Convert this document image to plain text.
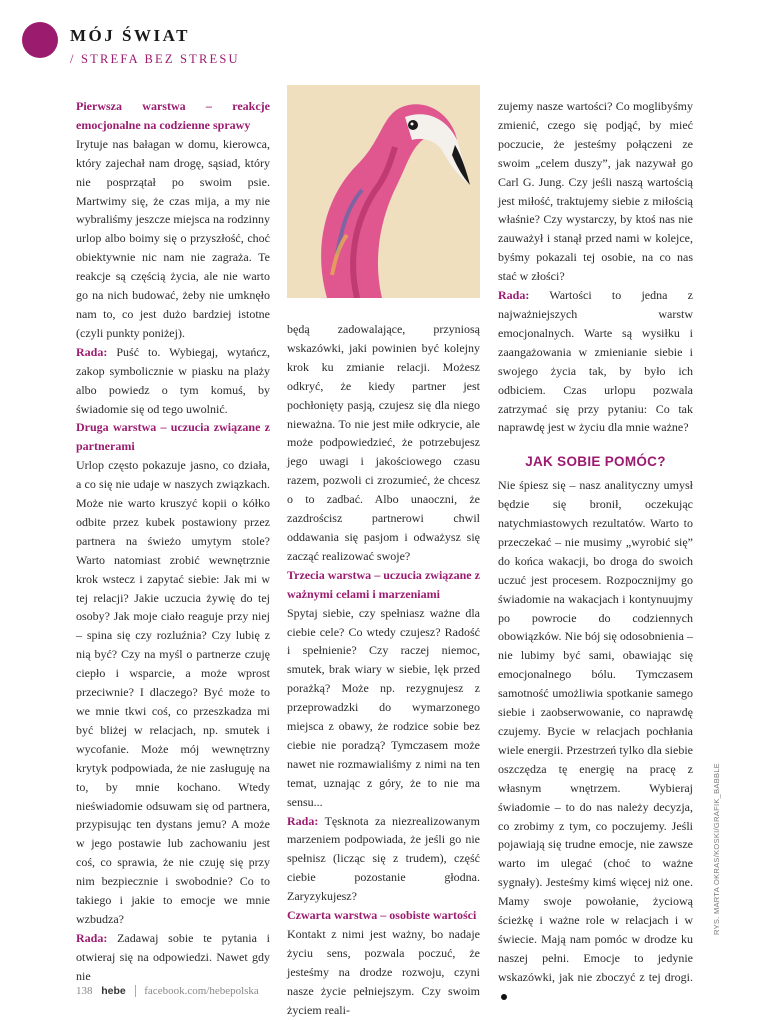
MÓJ ŚWIAT
/ STREFA BEZ STRESU

Pierwsza warstwa – reakcje emocjonalne na codzienne sprawy

Irytuje nas bałagan w domu, kierowca, który zajechał nam drogę, sąsiad, który nie posprzątał po swoim psie. Martwimy się, że czas mija, a my nie wybraliśmy jeszcze miejsca na rodzinny urlop albo boimy się o przyszłość, choć obiektywnie nic nam nie zagraża. Te reakcje są częścią życia, ale nie warto go na nich budować, żeby nie umknęło nam to, co jest dużo bardziej istotne (czyli punkty poniżej).

Rada: Puść to. Wybiegaj, wytańcz, zakop symbolicznie w piasku na plaży albo powiedz o tym komuś, by świadomie się od tego uwolnić.

Druga warstwa – uczucia związane z partnerami

Urlop często pokazuje jasno, co działa, a co się nie udaje w naszych związkach. Może nie warto kruszyć kopii o kółko odbite przez kubek postawiony przez partnera na świeżo umytym stole? Warto natomiast zrobić wewnętrznie krok wstecz i zapytać siebie: Jak mi w tej relacji? Jakie uczucia żywię do tej osoby? Jak moje ciało reaguje przy niej – spina się czy rozluźnia? Czy lubię z nią być? Czy na myśl o partnerze czuję ciepło i wsparcie, a może wprost przeciwnie? I dlaczego? Być może to we mnie tkwi coś, co przeszkadza mi być bliżej w relacjach, np. smutek i wycofanie. Może mój wewnętrzny krytyk podpowiada, że nie zasługuję na to, by mnie kochano. Wtedy nieświadomie odsuwam się od partnera, przypisując ten dystans jemu? A może w jego postawie lub zachowaniu jest coś, co sprawia, że nie czuję się przy nim bezpiecznie i swobodnie? Co to takiego i jakie to emocje we mnie wzbudza?

Rada: Zadawaj sobie te pytania i otwieraj się na odpowiedzi. Nawet gdy nie

będą zadowalające, przyniosą wskazówki, jaki powinien być kolejny krok ku zmianie relacji. Możesz odkryć, że kiedy partner jest pochłonięty pasją, czujesz się dla niego nieważna. To nie jest miłe odkrycie, ale może podpowiedzieć, że potrzebujesz jego uwagi i jakościowego czasu razem, pozwoli ci zrozumieć, że chcesz o to zadbać. Albo unaoczni, że zazdrościsz partnerowi chwil oddawania się pasjom i odważysz się zacząć realizować swoje?

Trzecia warstwa – uczucia związane z ważnymi celami i marzeniami

Spytaj siebie, czy spełniasz ważne dla ciebie cele? Co wtedy czujesz? Radość i spełnienie? Czy raczej niemoc, smutek, brak wiary w siebie, lęk przed porażką? Może np. rezygnujesz z przeprowadzki do wymarzonego miejsca z obawy, że rodzice sobie bez ciebie nie poradzą? Tymczasem może nawet nie rozmawialiśmy z nimi na ten temat, uznając z góry, że to nie ma sensu...

Rada: Tęsknota za niezrealizowanym marzeniem podpowiada, że jeśli go nie spełnisz (licząc się z trudem), część ciebie pozostanie głodna. Zaryzykujesz?

Czwarta warstwa – osobiste wartości

Kontakt z nimi jest ważny, bo nadaje życiu sens, pozwala poczuć, że jesteśmy na drodze rozwoju, czyni nasze życie pełniejszym. Czy swoim życiem reali-

zujemy nasze wartości? Co moglibyśmy zmienić, czego się podjąć, by mieć poczucie, że jesteśmy połączeni ze swoim „celem duszy”, jak nazywał go Carl G. Jung. Czy jeśli naszą wartością jest miłość, traktujemy siebie z miłością właśnie? Czy wystarczy, by ktoś nas nie zauważył i stanął przed nami w kolejce, byśmy pokazali tej osobie, na co nas stać w złości?

Rada: Wartości to jedna z najważniejszych warstw emocjonalnych. Warte są wysiłku i zaangażowania w zmienianie siebie i swojego życia tak, by było ich odbiciem. Czas urlopu pozwala zatrzymać się przy pytaniu: Co tak naprawdę jest w życiu dla mnie ważne?

JAK SOBIE POMÓC?

Nie śpiesz się – nasz analityczny umysł będzie się bronił, oczekując natychmiastowych rezultatów. Warto to przeczekać – nie musimy „wyrobić się” do końca wakacji, bo droga do swoich uczuć jest procesem. Rozpocznijmy go świadomie na wakacjach i kontynuujmy po powrocie do codziennych obowiązków. Nie bój się odosobnienia – nie lubimy być sami, obawiając się emocjonalnego bólu. Tymczasem samotność umożliwia spotkanie samego siebie i zaobserwowanie, co naprawdę czujemy. Bycie w relacjach pochłania wiele energii. Przestrzeń tylko dla siebie oszczędza tę energię na pracę z własnym wnętrzem. Wybieraj świadomie – to do nas należy decyzja, co zrobimy z tym, co poczujemy. Jeśli pojawiają się trudne emocje, nie zawsze warto im ulegać (choć to ważne sygnały). Jesteśmy kimś więcej niż one. Mamy swoje powołanie, życiową ścieżkę i ważne role w relacjach i w świecie. Mają nam pomóc w drodze ku naszej pełni. Emocje to jedynie wskazówki, jak nie zboczyć z tej drogi.

RYS. MARTA OKRAS/KOSKI/GRAFIK_BABBLE
138 hebe facebook.com/hebepolska
